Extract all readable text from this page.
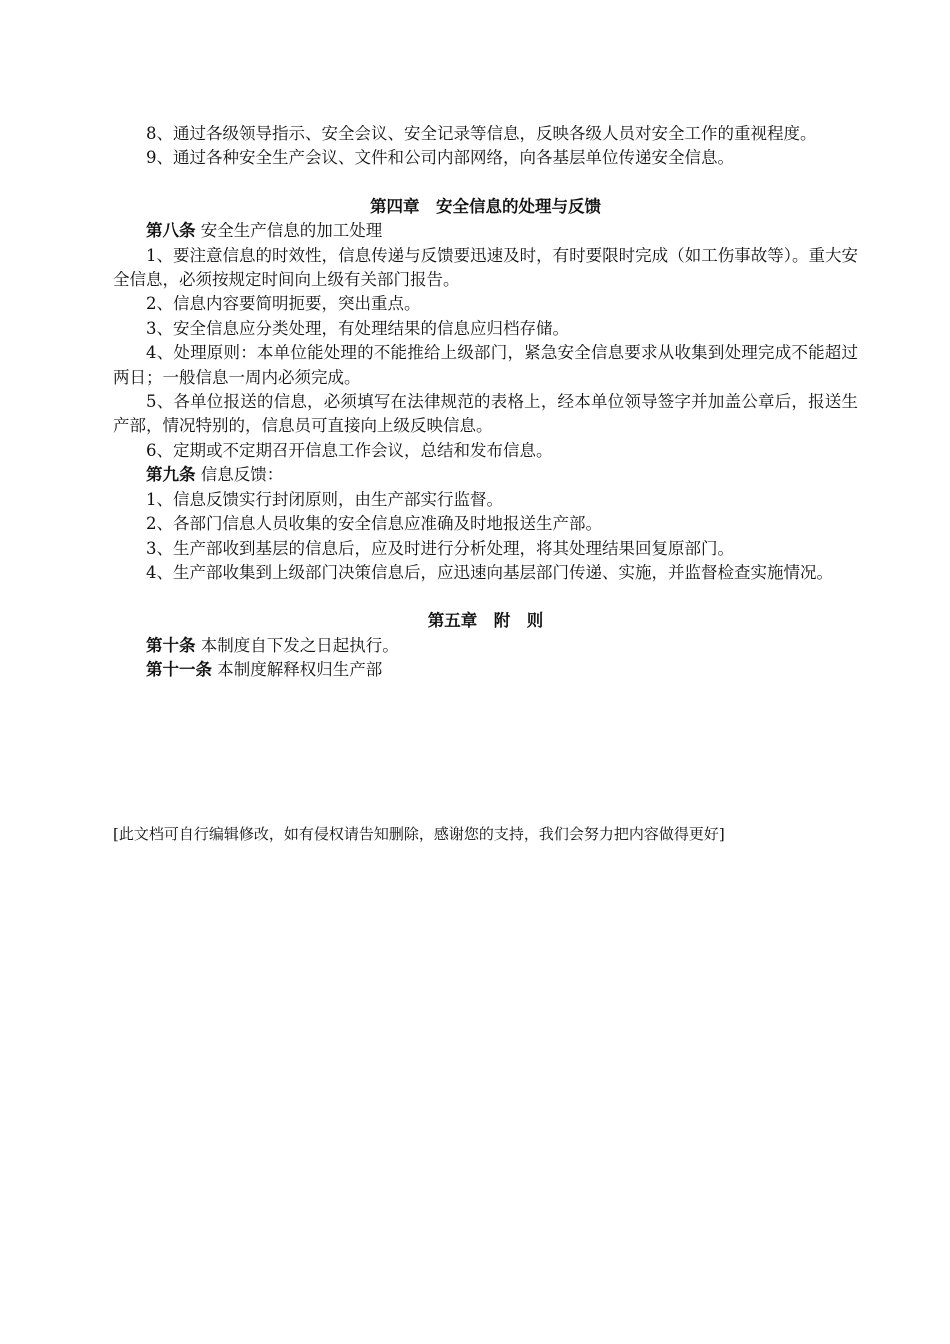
8、通过各级领导指示、安全会议、安全记录等信息，反映各级人员对安全工作的重视程度。

9、通过各种安全生产会议、文件和公司内部网络，向各基层单位传递安全信息。

第四章　安全信息的处理与反馈

第八条 安全生产信息的加工处理

1、要注意信息的时效性，信息传递与反馈要迅速及时，有时要限时完成（如工伤事故等）。重大安全信息，必须按规定时间向上级有关部门报告。

2、信息内容要简明扼要，突出重点。

3、安全信息应分类处理，有处理结果的信息应归档存储。

4、处理原则：本单位能处理的不能推给上级部门，紧急安全信息要求从收集到处理完成不能超过两日；一般信息一周内必须完成。

5、各单位报送的信息，必须填写在法律规范的表格上，经本单位领导签字并加盖公章后，报送生产部，情况特别的，信息员可直接向上级反映信息。

6、定期或不定期召开信息工作会议，总结和发布信息。

第九条 信息反馈：

1、信息反馈实行封闭原则，由生产部实行监督。

2、各部门信息人员收集的安全信息应准确及时地报送生产部。

3、生产部收到基层的信息后，应及时进行分析处理，将其处理结果回复原部门。

4、生产部收集到上级部门决策信息后，应迅速向基层部门传递、实施，并监督检查实施情况。

第五章　附　则

第十条 本制度自下发之日起执行。

第十一条 本制度解释权归生产部

[此文档可自行编辑修改，如有侵权请告知删除，感谢您的支持，我们会努力把内容做得更好]
